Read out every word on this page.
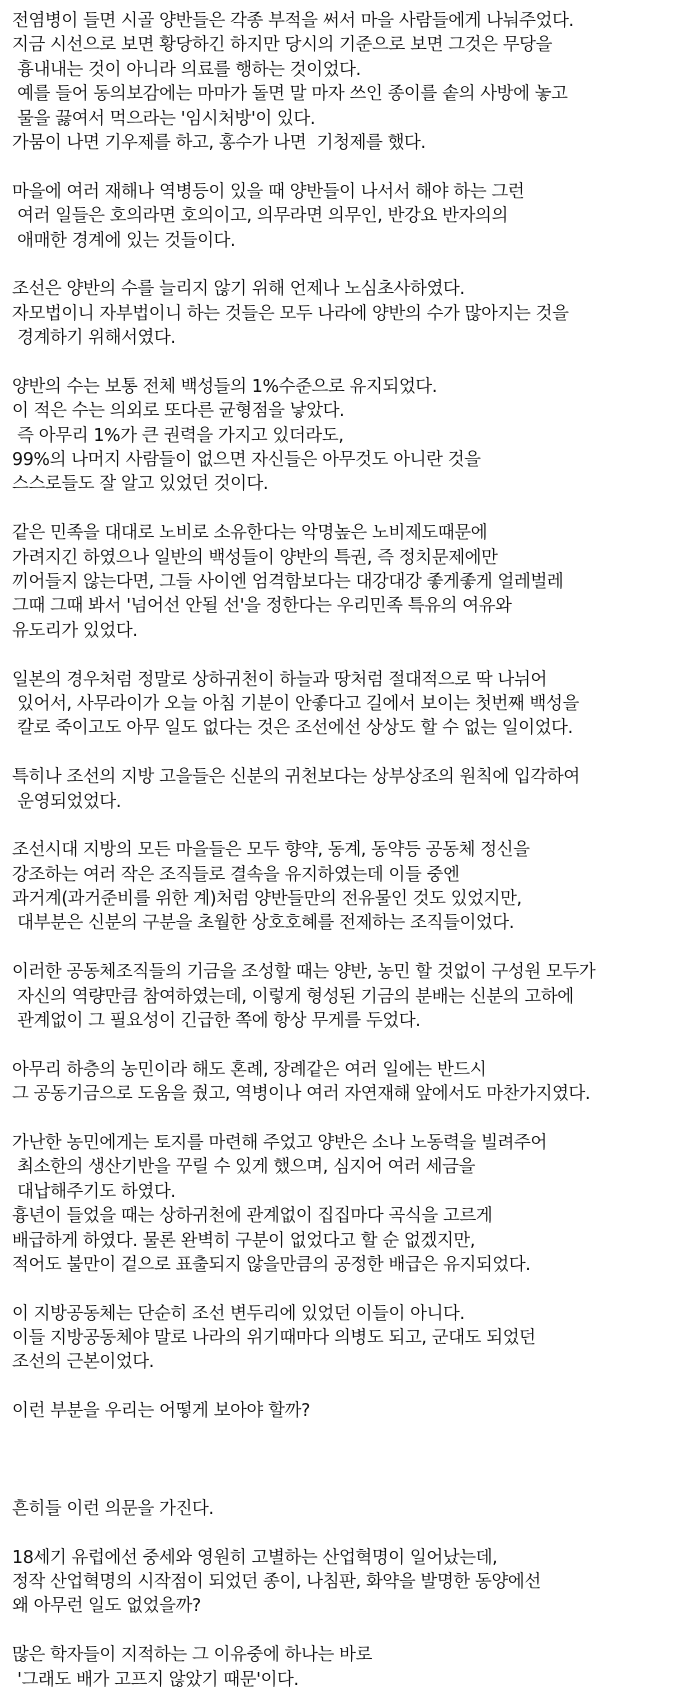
전염병이 들면 시골 양반들은 각종 부적을 써서 마을 사람들에게 나눠주었다.
지금 시선으로 보면 황당하긴 하지만 당시의 기준으로 보면 그것은 무당을
흉내내는 것이 아니라 의료를 행하는 것이었다.
예를 들어 동의보감에는 마마가 돌면 말 마자 쓰인 종이를 솥의 사방에 놓고
물을 끓여서 먹으라는 '임시처방'이 있다.
가뭄이 나면 기우제를 하고, 홍수가 나면  기청제를 했다.
마을에 여러 재해나 역병등이 있을 때 양반들이 나서서 해야 하는 그런
여러 일들은 호의라면 호의이고, 의무라면 의무인, 반강요 반자의의
애매한 경계에 있는 것들이다.
조선은 양반의 수를 늘리지 않기 위해 언제나 노심초사하였다.
자모법이니 자부법이니 하는 것들은 모두 나라에 양반의 수가 많아지는 것을
경계하기 위해서였다.
양반의 수는 보통 전체 백성들의 1%수준으로 유지되었다.
이 적은 수는 의외로 또다른 균형점을 낳았다.
즉 아무리 1%가 큰 권력을 가지고 있더라도,
99%의 나머지 사람들이 없으면 자신들은 아무것도 아니란 것을
스스로들도 잘 알고 있었던 것이다.
같은 민족을 대대로 노비로 소유한다는 악명높은 노비제도때문에
가려지긴 하였으나 일반의 백성들이 양반의 특권, 즉 정치문제에만
끼어들지 않는다면, 그들 사이엔 엄격함보다는 대강대강 좋게좋게 얼레벌레
그때 그때 봐서 '넘어선 안될 선'을 정한다는 우리민족 특유의 여유와
유도리가 있었다.
일본의 경우처럼 정말로 상하귀천이 하늘과 땅처럼 절대적으로 딱 나뉘어
있어서, 사무라이가 오늘 아침 기분이 안좋다고 길에서 보이는 첫번째 백성을
칼로 죽이고도 아무 일도 없다는 것은 조선에선 상상도 할 수 없는 일이었다.
특히나 조선의 지방 고을들은 신분의 귀천보다는 상부상조의 원칙에 입각하여
운영되었었다.
조선시대 지방의 모든 마을들은 모두 향약, 동계, 동약등 공동체 정신을
강조하는 여러 작은 조직들로 결속을 유지하였는데 이들 중엔
과거계(과거준비를 위한 계)처럼 양반들만의 전유물인 것도 있었지만,
대부분은 신분의 구분을 초월한 상호호혜를 전제하는 조직들이었다.
이러한 공동체조직들의 기금을 조성할 때는 양반, 농민 할 것없이 구성원 모두가
자신의 역량만큼 참여하였는데, 이렇게 형성된 기금의 분배는 신분의 고하에
관계없이 그 필요성이 긴급한 쪽에 항상 무게를 두었다.
아무리 하층의 농민이라 해도 혼례, 장례같은 여러 일에는 반드시
그 공동기금으로 도움을 줬고, 역병이나 여러 자연재해 앞에서도 마찬가지였다.
가난한 농민에게는 토지를 마련해 주었고 양반은 소나 노동력을 빌려주어
최소한의 생산기반을 꾸릴 수 있게 했으며, 심지어 여러 세금을
대납해주기도 하였다.
흉년이 들었을 때는 상하귀천에 관계없이 집집마다 곡식을 고르게
배급하게 하였다. 물론 완벽히 구분이 없었다고 할 순 없겠지만,
적어도 불만이 겉으로 표출되지 않을만큼의 공정한 배급은 유지되었다.
이 지방공동체는 단순히 조선 변두리에 있었던 이들이 아니다.
이들 지방공동체야 말로 나라의 위기때마다 의병도 되고, 군대도 되었던
조선의 근본이었다.
이런 부분을 우리는 어떻게 보아야 할까?
흔히들 이런 의문을 가진다.
18세기 유럽에선 중세와 영원히 고별하는 산업혁명이 일어났는데,
정작 산업혁명의 시작점이 되었던 종이, 나침판, 화약을 발명한 동양에선
왜 아무런 일도 없었을까?
많은 학자들이 지적하는 그 이유중에 하나는 바로
'그래도 배가 고프지 않았기 때문'이다.
